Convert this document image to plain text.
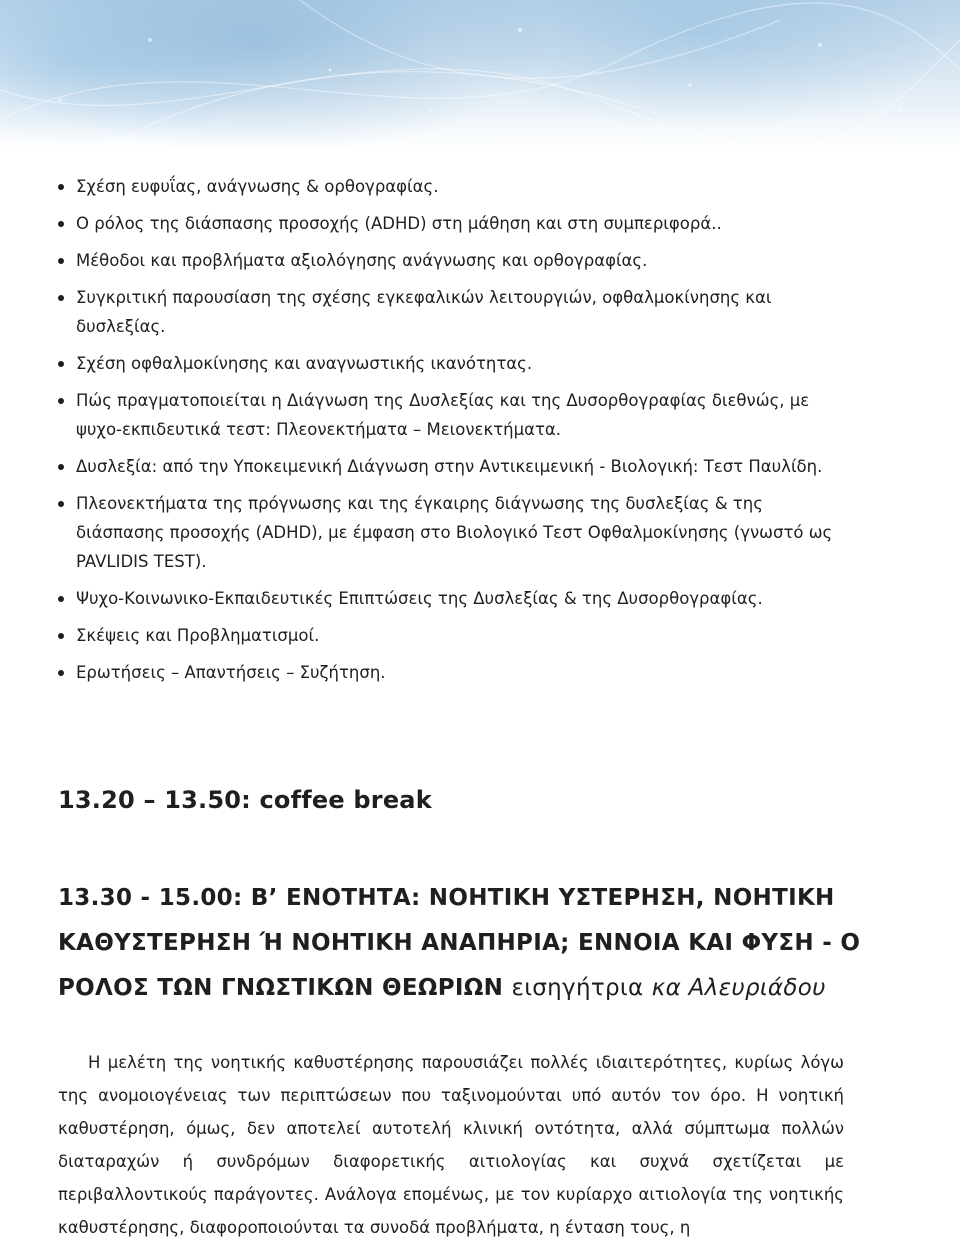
Σχέση ευφυΐας, ανάγνωσης & ορθογραφίας.
Ο ρόλος της διάσπασης προσοχής (ADHD) στη μάθηση και στη συμπεριφορά..
Μέθοδοι και προβλήματα αξιολόγησης ανάγνωσης και ορθογραφίας.
Συγκριτική παρουσίαση της σχέσης εγκεφαλικών λειτουργιών, οφθαλμοκίνησης και δυσλεξίας.
Σχέση οφθαλμοκίνησης και αναγνωστικής ικανότητας.
Πώς πραγματοποιείται η Διάγνωση της Δυσλεξίας και της Δυσορθογραφίας διεθνώς, με ψυχο-εκπιδευτικά τεστ: Πλεονεκτήματα – Μειονεκτήματα.
Δυσλεξία: από την Υποκειμενική Διάγνωση στην Αντικειμενική - Βιολογική: Τεστ Παυλίδη.
Πλεονεκτήματα της πρόγνωσης και της έγκαιρης διάγνωσης της δυσλεξίας & της διάσπασης προσοχής (ADHD), με έμφαση στο Βιολογικό Τεστ Οφθαλμοκίνησης (γνωστό ως PAVLIDIS TEST).
Ψυχο-Κοινωνικο-Εκπαιδευτικές Επιπτώσεις της Δυσλεξίας & της Δυσορθογραφίας.
Σκέψεις και Προβληματισμοί.
Ερωτήσεις – Απαντήσεις – Συζήτηση.
13.20 – 13.50: coffee break
13.30 - 15.00: Β’ ΕΝΟΤΗΤΑ: ΝΟΗΤΙΚΗ ΥΣΤΕΡΗΣΗ, ΝΟΗΤΙΚΗ ΚΑΘΥΣΤΕΡΗΣΗ Ή ΝΟΗΤΙΚΗ ΑΝΑΠΗΡΙΑ; ΕΝΝΟΙΑ ΚΑΙ ΦΥΣΗ - Ο ΡΟΛΟΣ ΤΩΝ ΓΝΩΣΤΙΚΩΝ ΘΕΩΡΙΩΝ εισηγήτρια κα Αλευριάδου

Η μελέτη της νοητικής καθυστέρησης παρουσιάζει πολλές ιδιαιτερότητες, κυρίως λόγω της ανομοιογένειας των περιπτώσεων που ταξινομούνται υπό αυτόν τον όρο. Η νοητική καθυστέρηση, όμως, δεν αποτελεί αυτοτελή κλινική οντότητα, αλλά σύμπτωμα πολλών διαταραχών ή συνδρόμων διαφορετικής αιτιολογίας και συχνά σχετίζεται με περιβαλλοντικούς παράγοντες. Ανάλογα επομένως, με τον κυρίαρχο αιτιολογία της νοητικής καθυστέρησης, διαφοροποιούνται τα συνοδά προβλήματα, η ένταση τους, η
